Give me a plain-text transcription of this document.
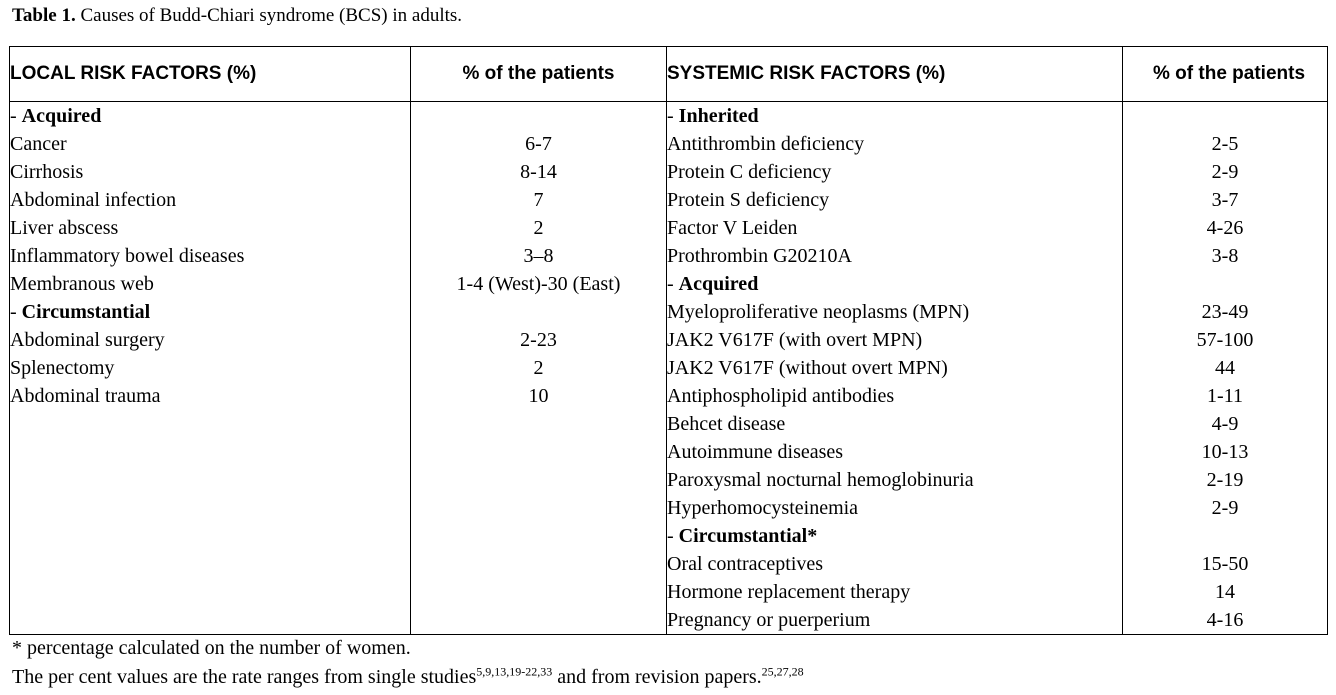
Table 1. Causes of Budd-Chiari syndrome (BCS) in adults.
LOCAL RISK FACTORS (%)	% of the patients	SYSTEMIC RISK FACTORS (%)	% of the patients
- Acquired		- Inherited	
Cancer	6-7	Antithrombin deficiency	2-5
Cirrhosis	8-14	Protein C deficiency	2-9
Abdominal infection	7	Protein S deficiency	3-7
Liver abscess	2	Factor V Leiden	4-26
Inflammatory bowel diseases	3–8	Prothrombin G20210A	3-8
Membranous web	1-4 (West)-30 (East)	- Acquired	
- Circumstantial		Myeloproliferative neoplasms (MPN)	23-49
Abdominal surgery	2-23	JAK2 V617F (with overt MPN)	57-100
Splenectomy	2	JAK2 V617F (without overt MPN)	44
Abdominal trauma	10	Antiphospholipid antibodies	1-11
		Behcet disease	4-9
		Autoimmune diseases	10-13
		Paroxysmal nocturnal hemoglobinuria	2-19
		Hyperhomocysteinemia	2-9
		- Circumstantial*	
		Oral contraceptives	15-50
		Hormone replacement therapy	14
		Pregnancy or puerperium	4-16
* percentage calculated on the number of women.
The per cent values are the rate ranges from single studies$^{5,9,13,19-22,33}$ and from revision papers.$^{25,27,28}$
